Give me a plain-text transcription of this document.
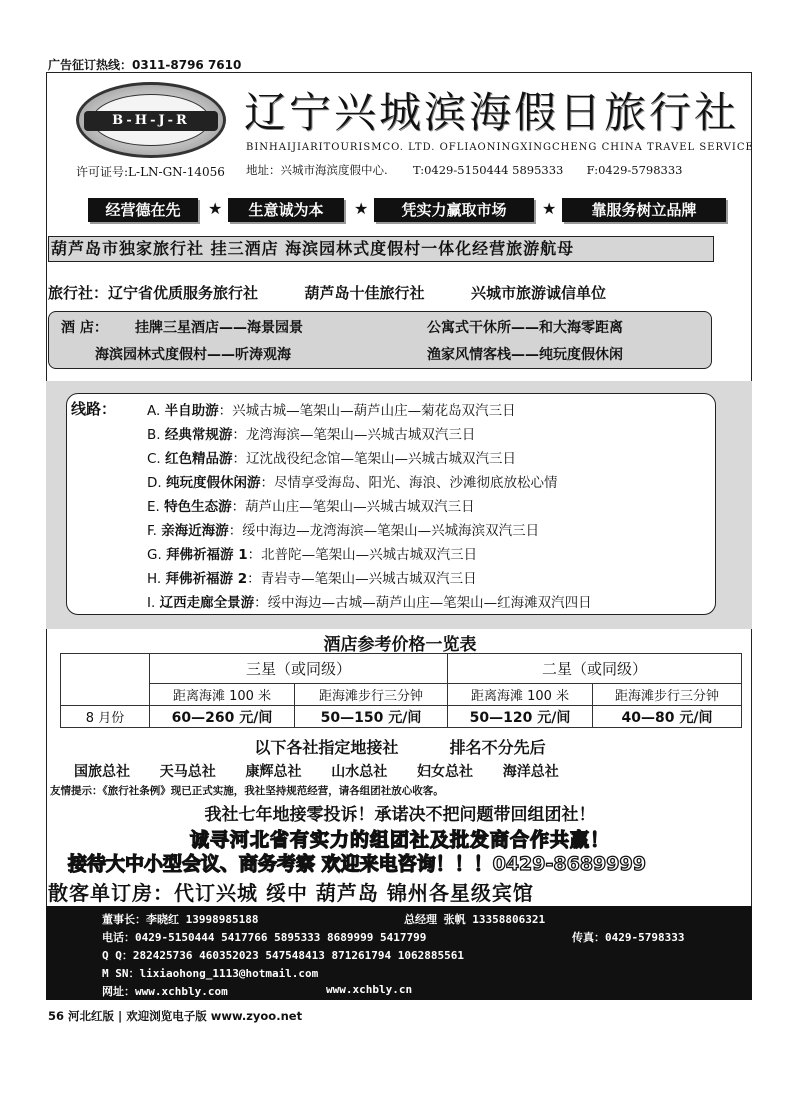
广告征订热线：0311-8796 7610
B-H-J-R
许可证号:L-LN-GN-14056
辽宁兴城滨海假日旅行社
BINHAIJIARITOURISMCO. LTD. OFLIAONINGXINGCHENG CHINA TRAVEL SERVICE
地址：兴城市海滨度假中心. T:0429-5150444 5895333 F:0429-5798333
经营德在先	★	生意诚为本	★	凭实力赢取市场	★	靠服务树立品牌
葫芦岛市独家旅行社 挂三酒店 海滨园林式度假村一体化经营旅游航母
旅行社：辽宁省优质服务旅行社	葫芦岛十佳旅行社	兴城市旅游诚信单位
酒 店： 挂牌三星酒店——海景园景	公寓式干休所——和大海零距离
海滨园林式度假村——听涛观海	渔家风情客栈——纯玩度假休闲
线路： A. 半自助游：兴城古城—笔架山—葫芦山庄—菊花岛双汽三日
B. 经典常规游：龙湾海滨—笔架山—兴城古城双汽三日
C. 红色精品游：辽沈战役纪念馆—笔架山—兴城古城双汽三日
D. 纯玩度假休闲游：尽情享受海岛、阳光、海浪、沙滩彻底放松心情
E. 特色生态游：葫芦山庄—笔架山—兴城古城双汽三日
F. 亲海近海游：绥中海边—龙湾海滨—笔架山—兴城海滨双汽三日
G. 拜佛祈福游 1：北普陀—笔架山—兴城古城双汽三日
H. 拜佛祈福游 2：青岩寺—笔架山—兴城古城双汽三日
I. 辽西走廊全景游：绥中海边—古城—葫芦山庄—笔架山—红海滩双汽四日
酒店参考价格一览表
	三星（或同级）		二星（或同级）	
	距离海滩 100 米	距海滩步行三分钟	距离海滩 100 米	距海滩步行三分钟
8 月份	60—260 元/间	50—150 元/间	50—120 元/间	40—80 元/间
以下各社指定地接社	排名不分先后
国旅总社 天马总社 康辉总社 山水总社 妇女总社 海洋总社
友情提示：《旅行社条例》现已正式实施，我社坚持规范经营，请各组团社放心收客。
我社七年地接零投诉！承诺决不把问题带回组团社！
诚寻河北省有实力的组团社及批发商合作共赢！
接待大中小型会议、商务考察 欢迎来电咨询！！！0429-8689999
散客单订房：代订兴城 绥中 葫芦岛 锦州各星级宾馆
董事长：李晓红 13998985188	总经理 张帆 13358806321
电话：0429-5150444 5417766 5895333 8689999 5417799	传真：0429-5798333
Q Q：282425736 460352023 547548413 871261794 1062885561
M SN：lixiaohong_1113@hotmail.com
网址：www.xchbly.com	www.xchbly.cn
56 河北红版 | 欢迎浏览电子版 www.zyoo.net
